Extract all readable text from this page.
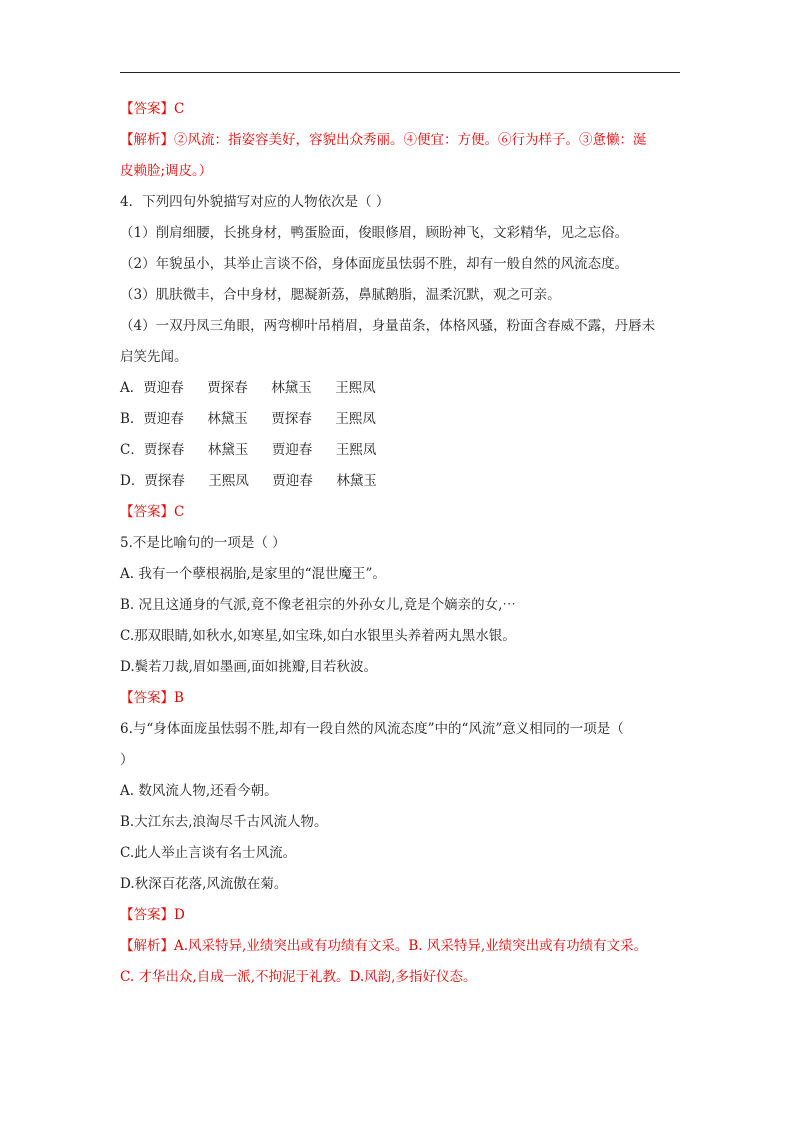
【答案】C
【解析】②风流：指姿容美好，容貌出众秀丽。④便宜：方便。⑥行为样子。③惫懒：涎
皮赖脸;调皮。）
4．下列四句外貌描写对应的人物依次是（ ）
（1）削肩细腰，长挑身材，鸭蛋脸面，俊眼修眉，顾盼神飞，文彩精华，见之忘俗。
（2）年貌虽小，其举止言谈不俗，身体面庞虽怯弱不胜，却有一般自然的风流态度。
（3）肌肤微丰，合中身材，腮凝新荔，鼻腻鹅脂，温柔沉默，观之可亲。
（4）一双丹凤三角眼，两弯柳叶吊梢眉，身量苗条，体格风骚，粉面含春威不露，丹唇未
启笑先闻。
A．贾迎春 贾探春 林黛玉 王熙凤
B．贾迎春 林黛玉 贾探春 王熙凤
C．贾探春 林黛玉 贾迎春 王熙凤
D．贾探春 王熙凤 贾迎春 林黛玉
【答案】C
5.不是比喻句的一项是（ ）
A. 我有一个孽根祸胎,是家里的“混世魔王”。
B. 况且这通身的气派,竟不像老祖宗的外孙女儿,竟是个嫡亲的女,⋯
C.那双眼睛,如秋水,如寒星,如宝珠,如白水银里头养着两丸黑水银。
D.鬓若刀裁,眉如墨画,面如挑瓣,目若秋波。
【答案】B
6.与“身体面庞虽怯弱不胜,却有一段自然的风流态度”中的“风流”意义相同的一项是（
）
A. 数风流人物,还看今朝。
B.大江东去,浪淘尽千古风流人物。
C.此人举止言谈有名士风流。
D.秋深百花落,风流傲在菊。
【答案】D
【解析】A.风采特异,业绩突出或有功绩有文采。B. 风采特异,业绩突出或有功绩有文采。
C. 才华出众,自成一派,不拘泥于礼教。D.风韵,多指好仪态。
